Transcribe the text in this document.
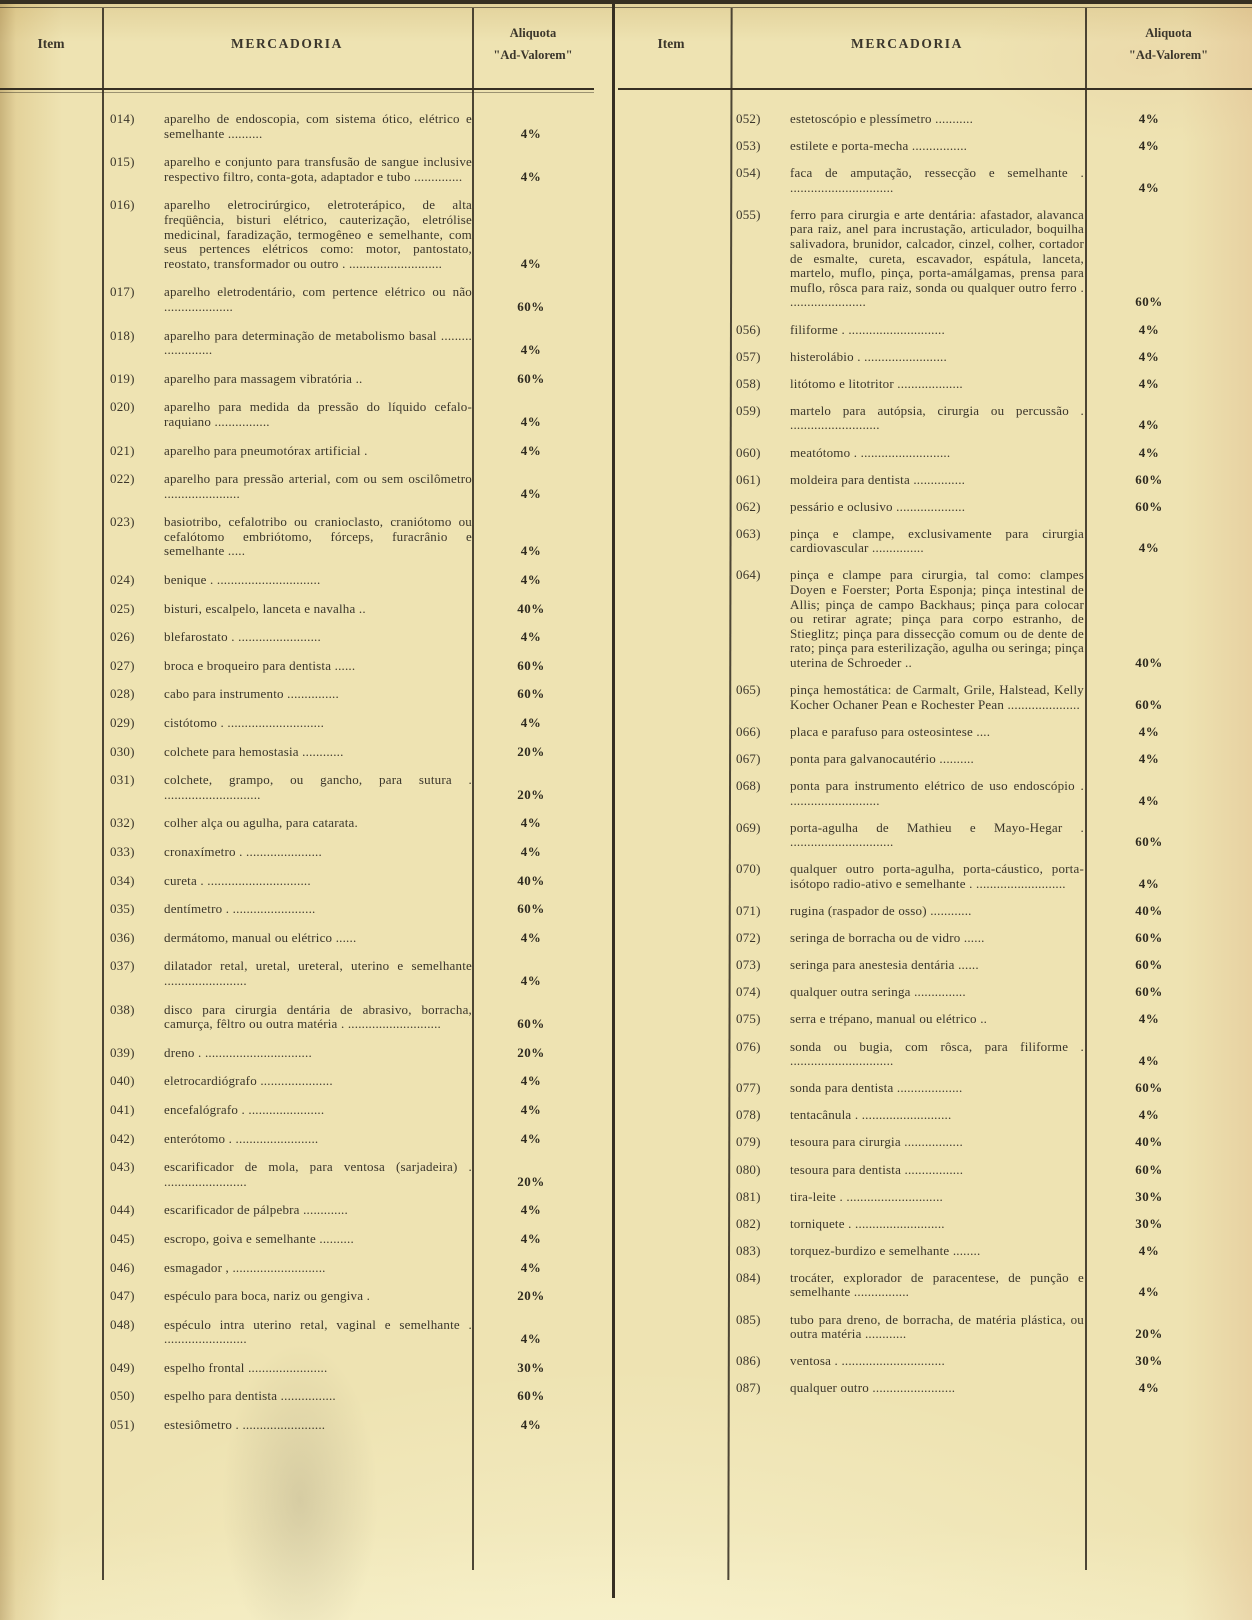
Item	MERCADORIA
Aliquota
"Ad-Valorem"
Item	MERCADORIA
Aliquota
"Ad-Valorem"
014) aparelho de endoscopia, com sistema ótico, elétrico e semelhante ..........	4%
015) aparelho e conjunto para transfusão de sangue inclusive respectivo filtro, conta-gota, adaptador e tubo ..............	4%
016) aparelho eletrocirúrgico, eletroterápico, de alta freqüência, bisturi elétrico, cauterização, eletrólise medicinal, faradização, termogêneo e semelhante, com seus pertences elétricos como: motor, pantostato, reostato, transformador ou outro . ...........................	4%
017) aparelho eletrodentário, com pertence elétrico ou não ....................	60%
018) aparelho para determinação de metabolismo basal ......... ..............	4%
019) aparelho para massagem vibratória ..	60%
020) aparelho para medida da pressão do líquido cefalo-raquiano ................	4%
021) aparelho para pneumotórax artificial .	4%
022) aparelho para pressão arterial, com ou sem oscilômetro ......................	4%
023) basiotribo, cefalotribo ou cranioclasto, craniótomo ou cefalótomo embriótomo, fórceps, furacrânio e semelhante .....	4%
024) benique . ..............................	4%
025) bisturi, escalpelo, lanceta e navalha ..	40%
026) blefarostato . ........................	4%
027) broca e broqueiro para dentista ......	60%
028) cabo para instrumento ...............	60%
029) cistótomo . ............................	4%
030) colchete para hemostasia ............	20%
031) colchete, grampo, ou gancho, para sutura . ............................	20%
032) colher alça ou agulha, para catarata.	4%
033) cronaxímetro . ......................	4%
034) cureta . ..............................	40%
035) dentímetro . ........................	60%
036) dermátomo, manual ou elétrico ......	4%
037) dilatador retal, uretal, ureteral, uterino e semelhante ........................	4%
038) disco para cirurgia dentária de abrasivo, borracha, camurça, fêltro ou outra matéria . ...........................	60%
039) dreno . ...............................	20%
040) eletrocardiógrafo .....................	4%
041) encefalógrafo . ......................	4%
042) enterótomo . ........................	4%
043) escarificador de mola, para ventosa (sarjadeira) . ........................	20%
044) escarificador de pálpebra .............	4%
045) escropo, goiva e semelhante ..........	4%
046) esmagador , ...........................	4%
047) espéculo para boca, nariz ou gengiva .	20%
048) espéculo intra uterino retal, vaginal e semelhante . ........................	4%
049) espelho frontal .......................	30%
050) espelho para dentista ................	60%
051) estesiômetro . ........................	4%
052) estetoscópio e plessímetro ...........	4%
053) estilete e porta-mecha ................	4%
054) faca de amputação, ressecção e semelhante . ..............................	4%
055) ferro para cirurgia e arte dentária: afastador, alavanca para raiz, anel para incrustação, articulador, boquilha salivadora, brunidor, calcador, cinzel, colher, cortador de esmalte, cureta, escavador, espátula, lanceta, martelo, muflo, pinça, porta-amálgamas, prensa para muflo, rôsca para raiz, sonda ou qualquer outro ferro . ......................	60%
056) filiforme . ............................	4%
057) histerolábio . ........................	4%
058) litótomo e litotritor ...................	4%
059) martelo para autópsia, cirurgia ou percussão . ..........................	4%
060) meatótomo . ..........................	4%
061) moldeira para dentista ...............	60%
062) pessário e oclusivo ....................	60%
063) pinça e clampe, exclusivamente para cirurgia cardiovascular ...............	4%
064) pinça e clampe para cirurgia, tal como: clampes Doyen e Foerster; Porta Esponja; pinça intestinal de Allis; pinça de campo Backhaus; pinça para colocar ou retirar agrate; pinça para corpo estranho, de Stieglitz; pinça para dissecção comum ou de dente de rato; pinça para esterilização, agulha ou seringa; pinça uterina de Schroeder ..	40%
065) pinça hemostática: de Carmalt, Grile, Halstead, Kelly Kocher Ochaner Pean e Rochester Pean .....................	60%
066) placa e parafuso para osteosintese ....	4%
067) ponta para galvanocautério ..........	4%
068) ponta para instrumento elétrico de uso endoscópio . ..........................	4%
069) porta-agulha de Mathieu e Mayo-Hegar . ..............................	60%
070) qualquer outro porta-agulha, porta-cáustico, porta-isótopo radio-ativo e semelhante . ..........................	4%
071) rugina (raspador de osso) ............	40%
072) seringa de borracha ou de vidro ......	60%
073) seringa para anestesia dentária ......	60%
074) qualquer outra seringa ...............	60%
075) serra e trépano, manual ou elétrico ..	4%
076) sonda ou bugia, com rôsca, para filiforme . ..............................	4%
077) sonda para dentista ...................	60%
078) tentacânula . ..........................	4%
079) tesoura para cirurgia .................	40%
080) tesoura para dentista .................	60%
081) tira-leite . ............................	30%
082) torniquete . ..........................	30%
083) torquez-burdizo e semelhante ........	4%
084) trocáter, explorador de paracentese, de punção e semelhante ................	4%
085) tubo para dreno, de borracha, de matéria plástica, ou outra matéria ............	20%
086) ventosa . ..............................	30%
087) qualquer outro ........................	4%
